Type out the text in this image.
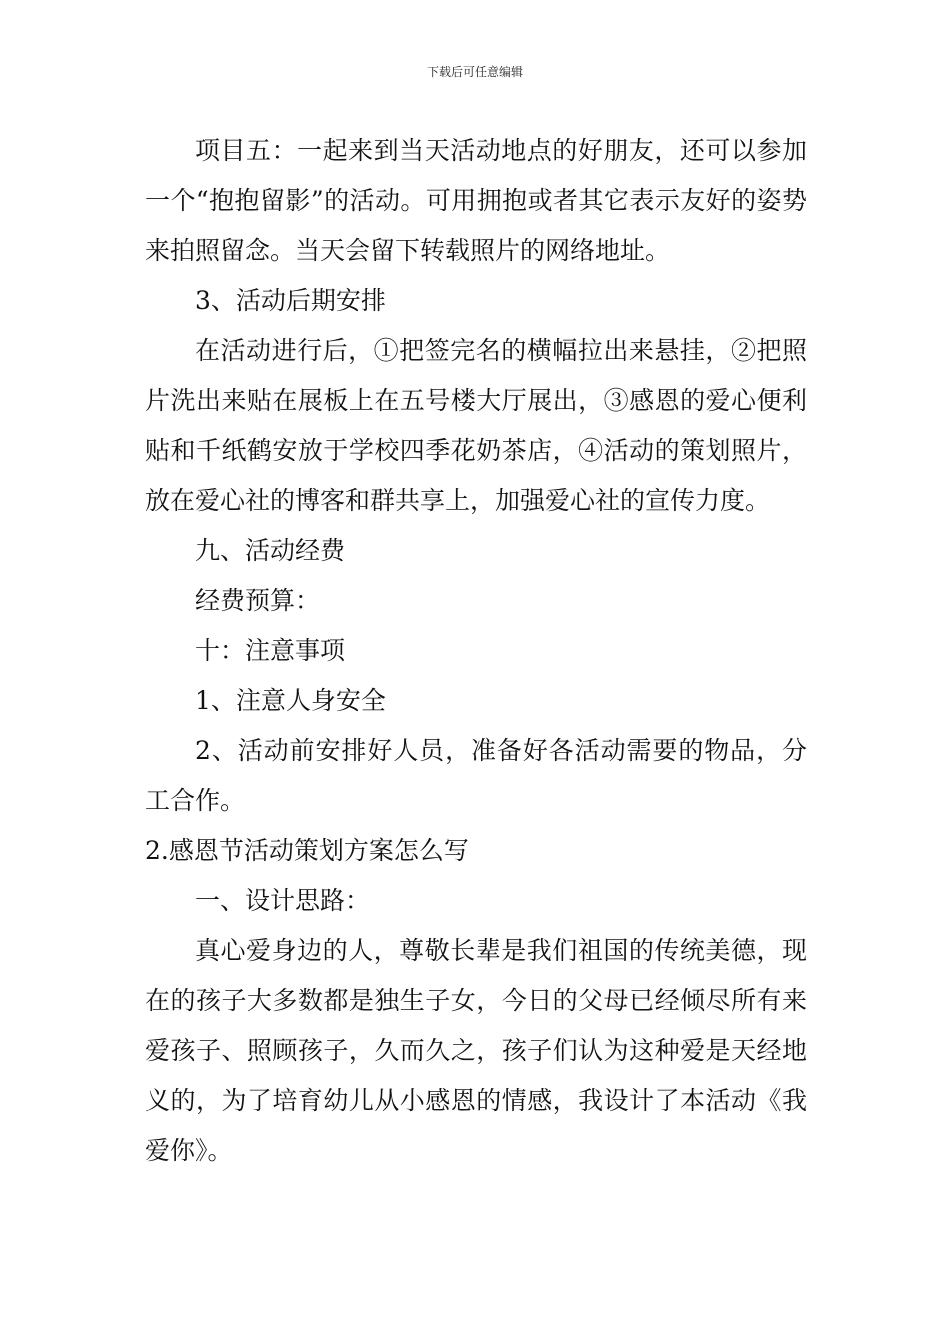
下载后可任意编辑

项目五：一起来到当天活动地点的好朋友，还可以参加一个“抱抱留影”的活动。可用拥抱或者其它表示友好的姿势来拍照留念。当天会留下转载照片的网络地址。

3、活动后期安排

在活动进行后，①把签完名的横幅拉出来悬挂，②把照片洗出来贴在展板上在五号楼大厅展出，③感恩的爱心便利贴和千纸鹤安放于学校四季花奶茶店，④活动的策划照片，放在爱心社的博客和群共享上，加强爱心社的宣传力度。

九、活动经费

经费预算：

十：注意事项

1、注意人身安全

2、活动前安排好人员，准备好各活动需要的物品，分工合作。

2.感恩节活动策划方案怎么写

一、设计思路：

真心爱身边的人，尊敬长辈是我们祖国的传统美德，现在的孩子大多数都是独生子女，今日的父母已经倾尽所有来爱孩子、照顾孩子，久而久之，孩子们认为这种爱是天经地义的，为了培育幼儿从小感恩的情感，我设计了本活动《我爱你》。
